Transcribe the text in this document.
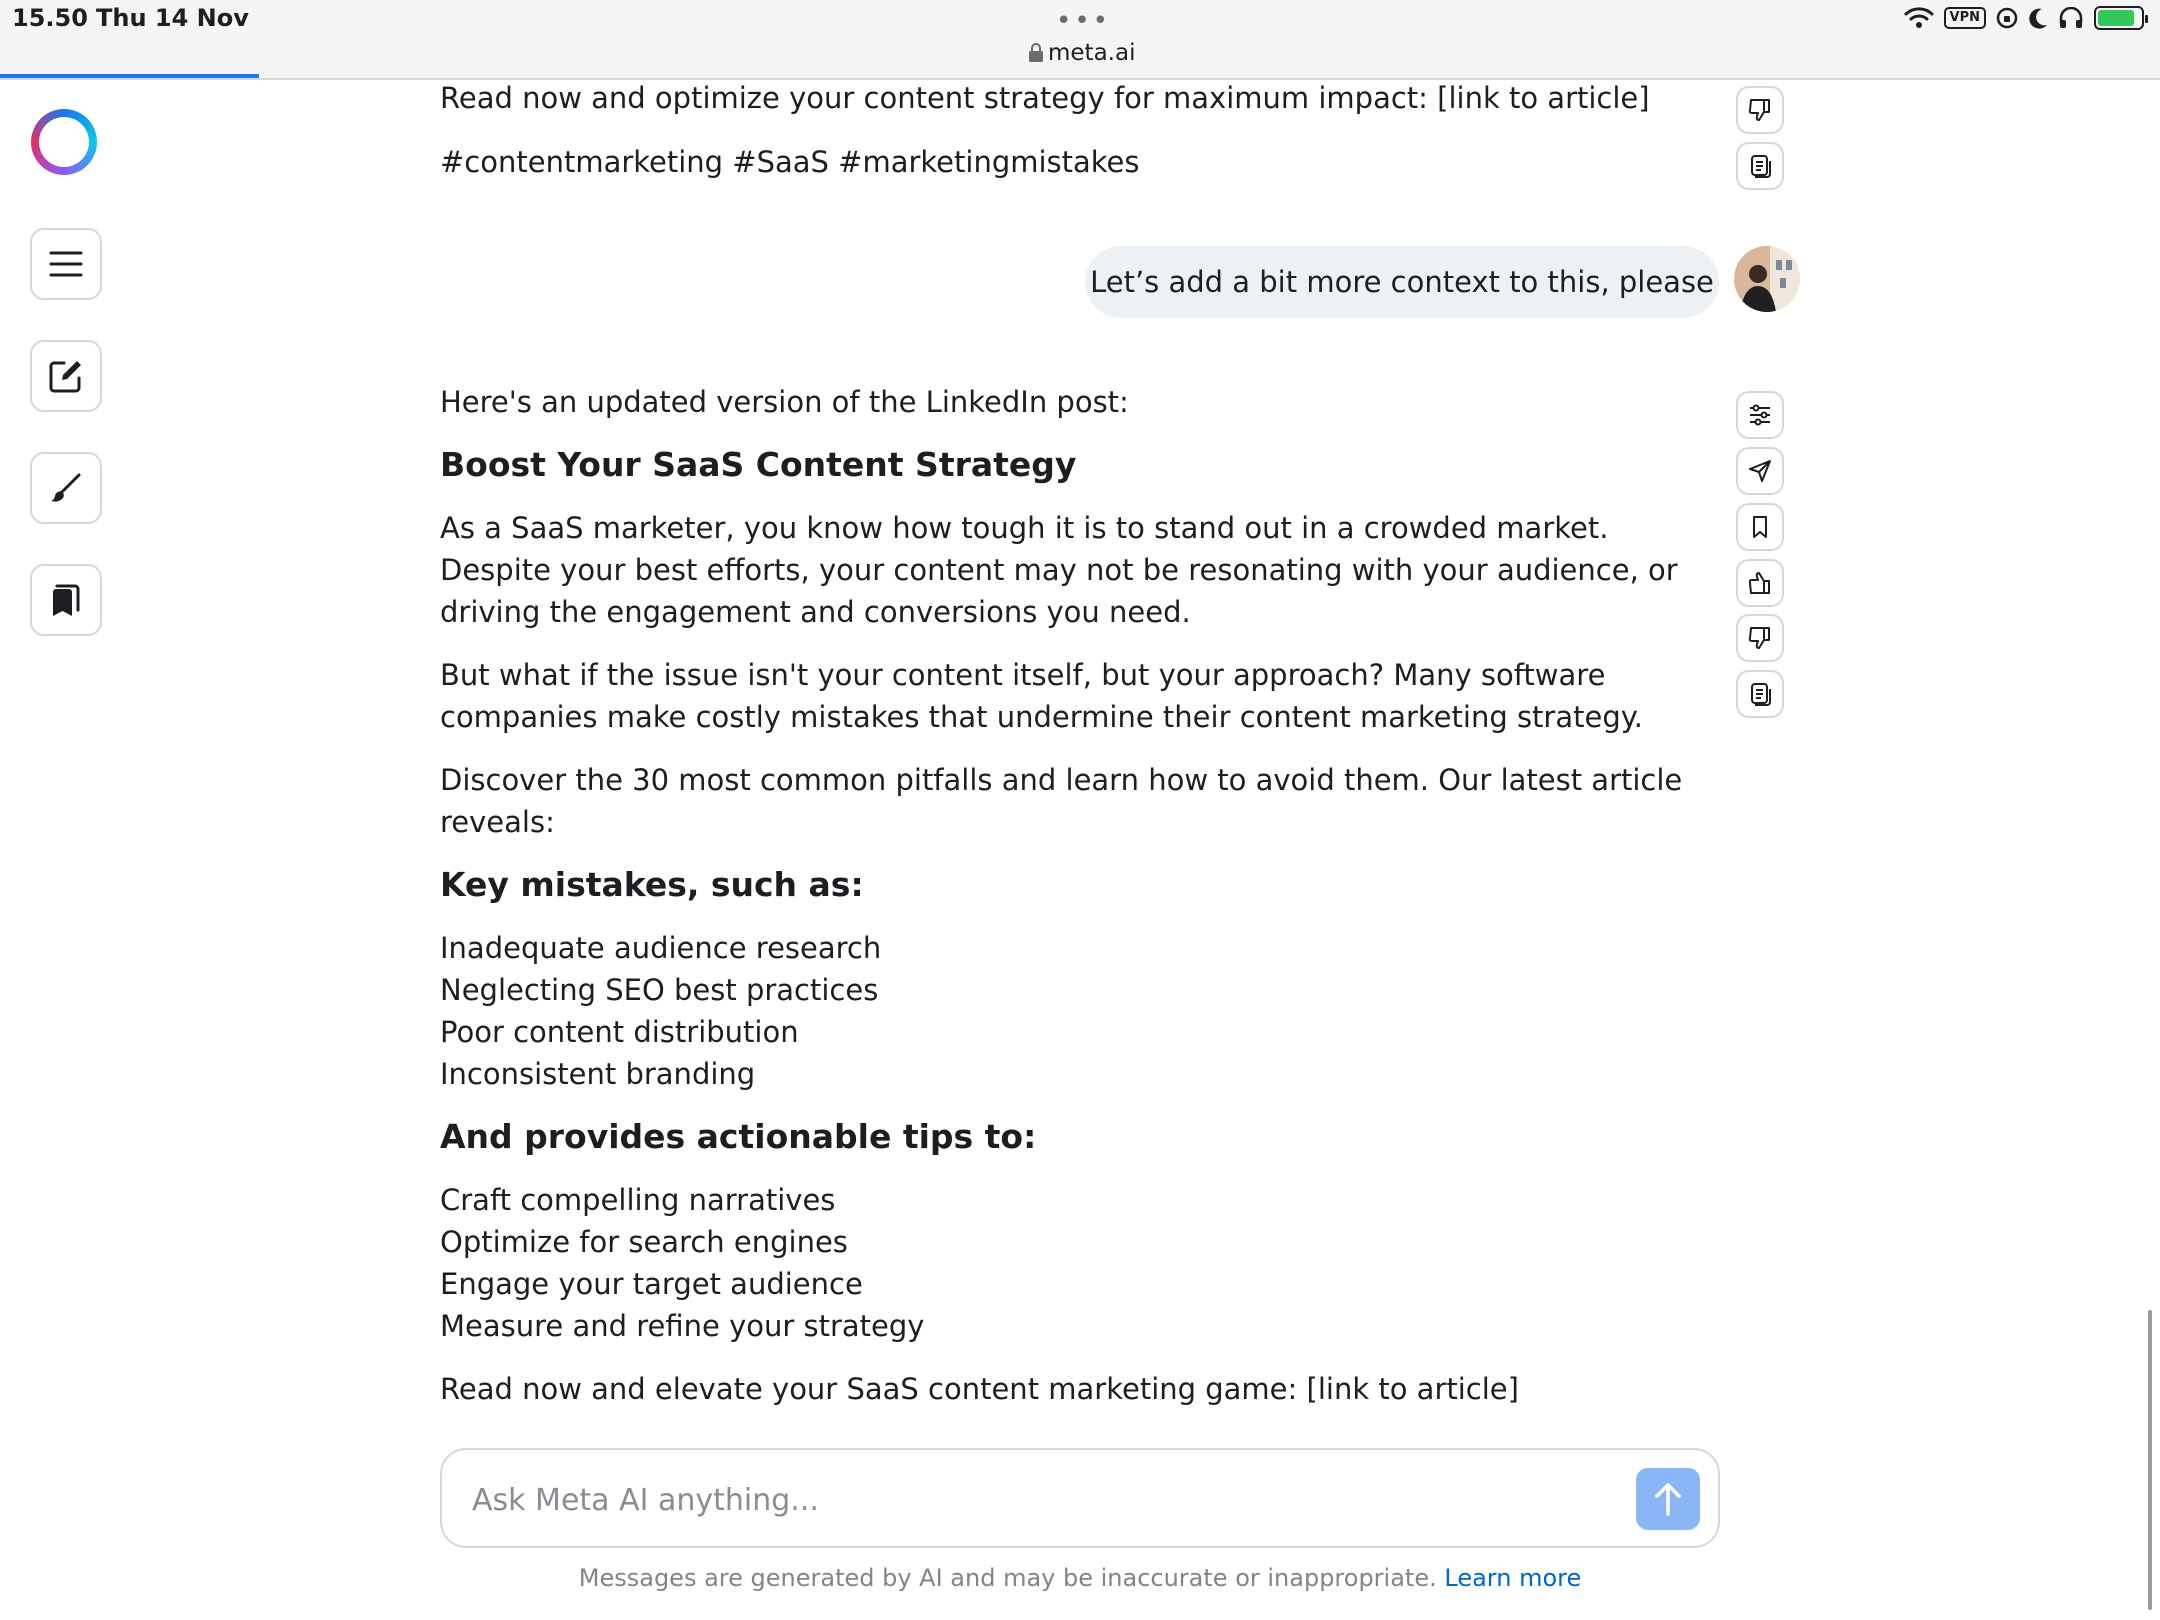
15.50 Thu 14 Nov	•••
meta.ai
VPN

Read now and optimize your content strategy for maximum impact: [link to article]

#contentmarketing #SaaS #marketingmistakes

Let’s add a bit more context to this, please

Here's an updated version of the LinkedIn post:

Boost Your SaaS Content Strategy

As a SaaS marketer, you know how tough it is to stand out in a crowded market. Despite your best efforts, your content may not be resonating with your audience, or driving the engagement and conversions you need.

But what if the issue isn't your content itself, but your approach? Many software companies make costly mistakes that undermine their content marketing strategy.

Discover the 30 most common pitfalls and learn how to avoid them. Our latest article reveals:

Key mistakes, such as:

Inadequate audience research

Neglecting SEO best practices

Poor content distribution

Inconsistent branding

And provides actionable tips to:

Craft compelling narratives

Optimize for search engines

Engage your target audience

Measure and refine your strategy

Read now and elevate your SaaS content marketing game: [link to article]

Ask Meta AI anything...
Messages are generated by AI and may be inaccurate or inappropriate. Learn more
